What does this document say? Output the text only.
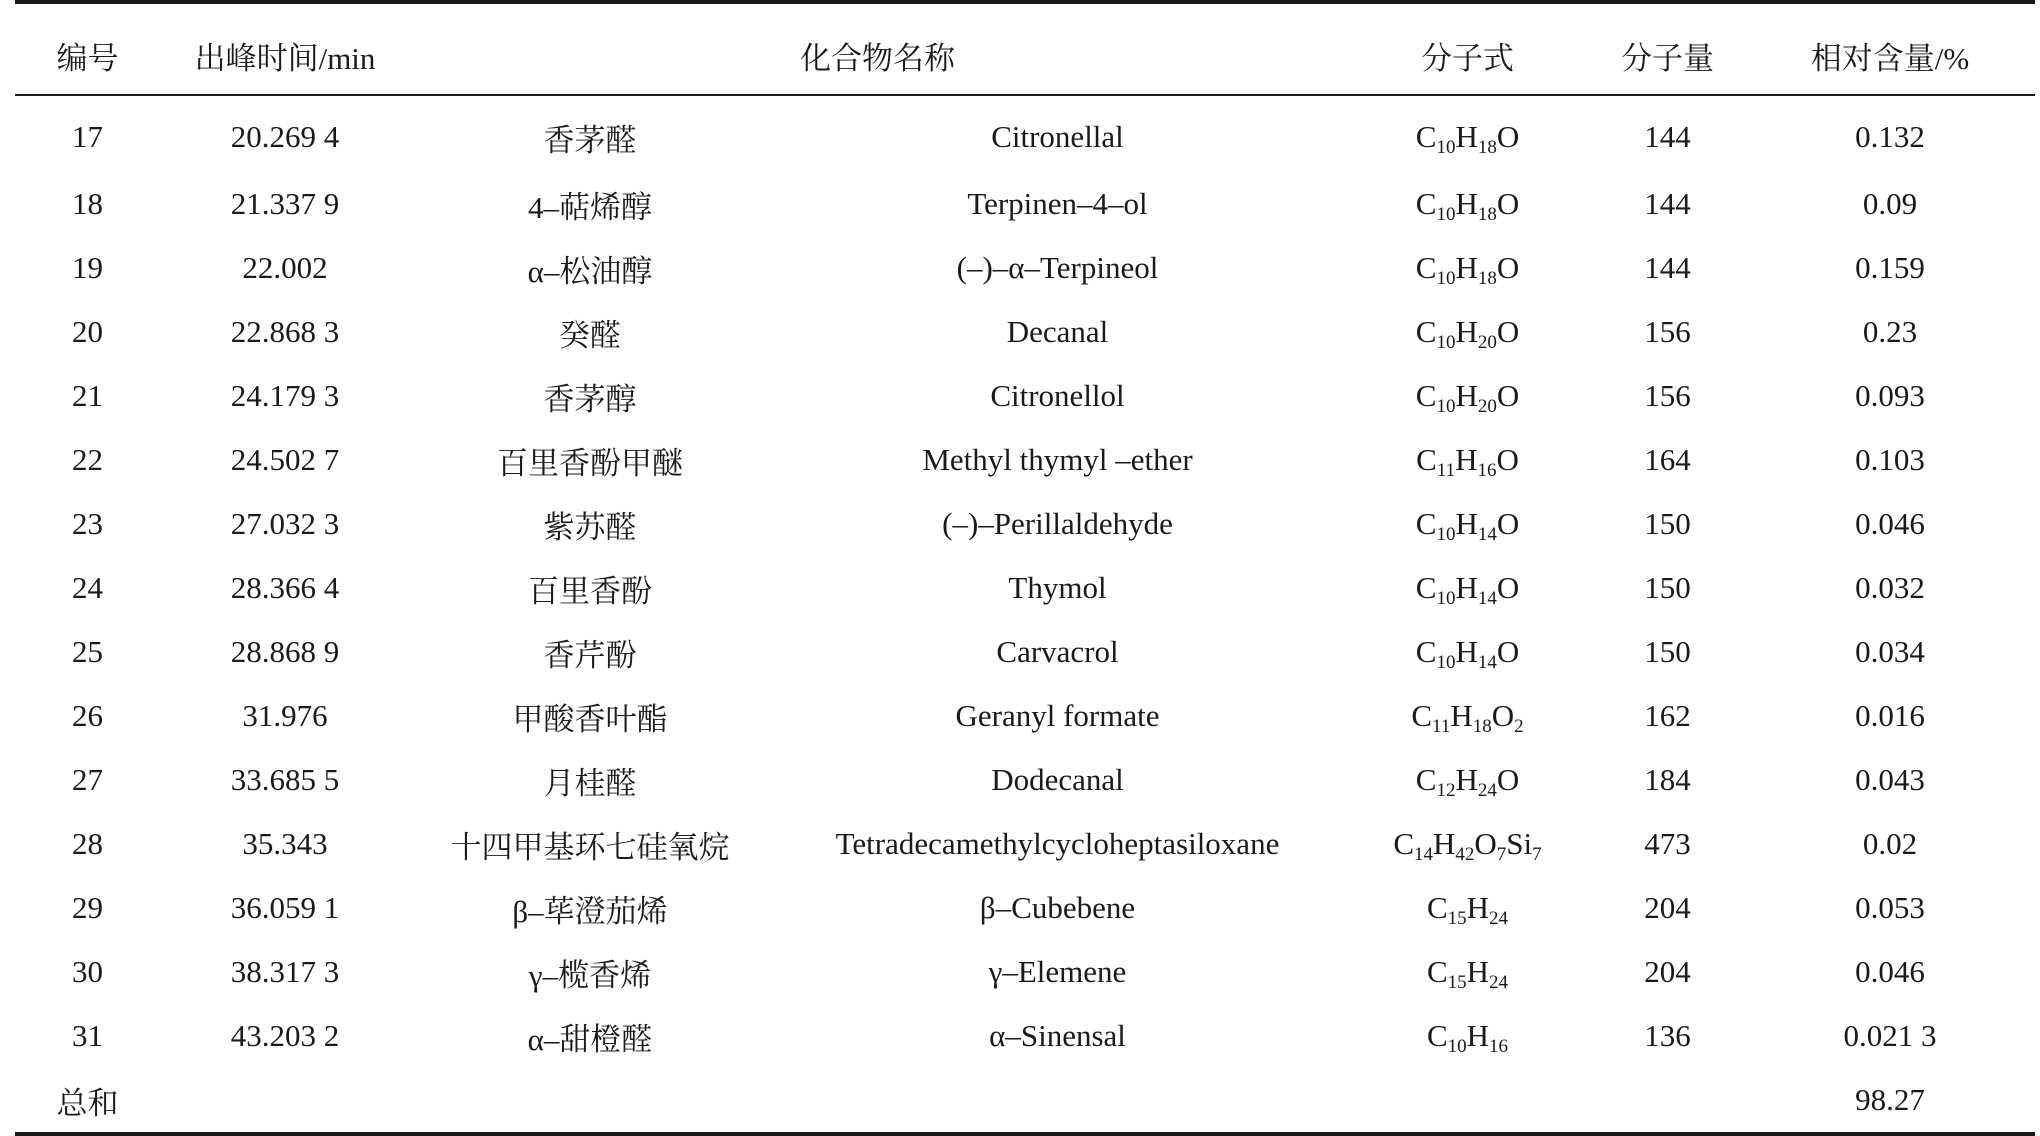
编号	出峰时间/min	化合物名称		分子式	分子量	相对含量/%
17	20.269 4	香茅醛	Citronellal	$C_{10}H_{18}O$	144	0.132
18	21.337 9	4–萜烯醇	Terpinen–4–ol	$C_{10}H_{18}O$	144	0.09
19	22.002	α–松油醇	(–)–α–Terpineol	$C_{10}H_{18}O$	144	0.159
20	22.868 3	癸醛	Decanal	$C_{10}H_{20}O$	156	0.23
21	24.179 3	香茅醇	Citronellol	$C_{10}H_{20}O$	156	0.093
22	24.502 7	百里香酚甲醚	Methyl thymyl –ether	$C_{11}H_{16}O$	164	0.103
23	27.032 3	紫苏醛	(–)–Perillaldehyde	$C_{10}H_{14}O$	150	0.046
24	28.366 4	百里香酚	Thymol	$C_{10}H_{14}O$	150	0.032
25	28.868 9	香芹酚	Carvacrol	$C_{10}H_{14}O$	150	0.034
26	31.976	甲酸香叶酯	Geranyl formate	$C_{11}H_{18}O_2$	162	0.016
27	33.685 5	月桂醛	Dodecanal	$C_{12}H_{24}O$	184	0.043
28	35.343	十四甲基环七硅氧烷	Tetradecamethylcycloheptasiloxane	$C_{14}H_{42}O_7Si_7$	473	0.02
29	36.059 1	β–荜澄茄烯	β–Cubebene	$C_{15}H_{24}$	204	0.053
30	38.317 3	γ–榄香烯	γ–Elemene	$C_{15}H_{24}$	204	0.046
31	43.203 2	α–甜橙醛	α–Sinensal	$C_{10}H_{16}$	136	0.021 3
总和						98.27
